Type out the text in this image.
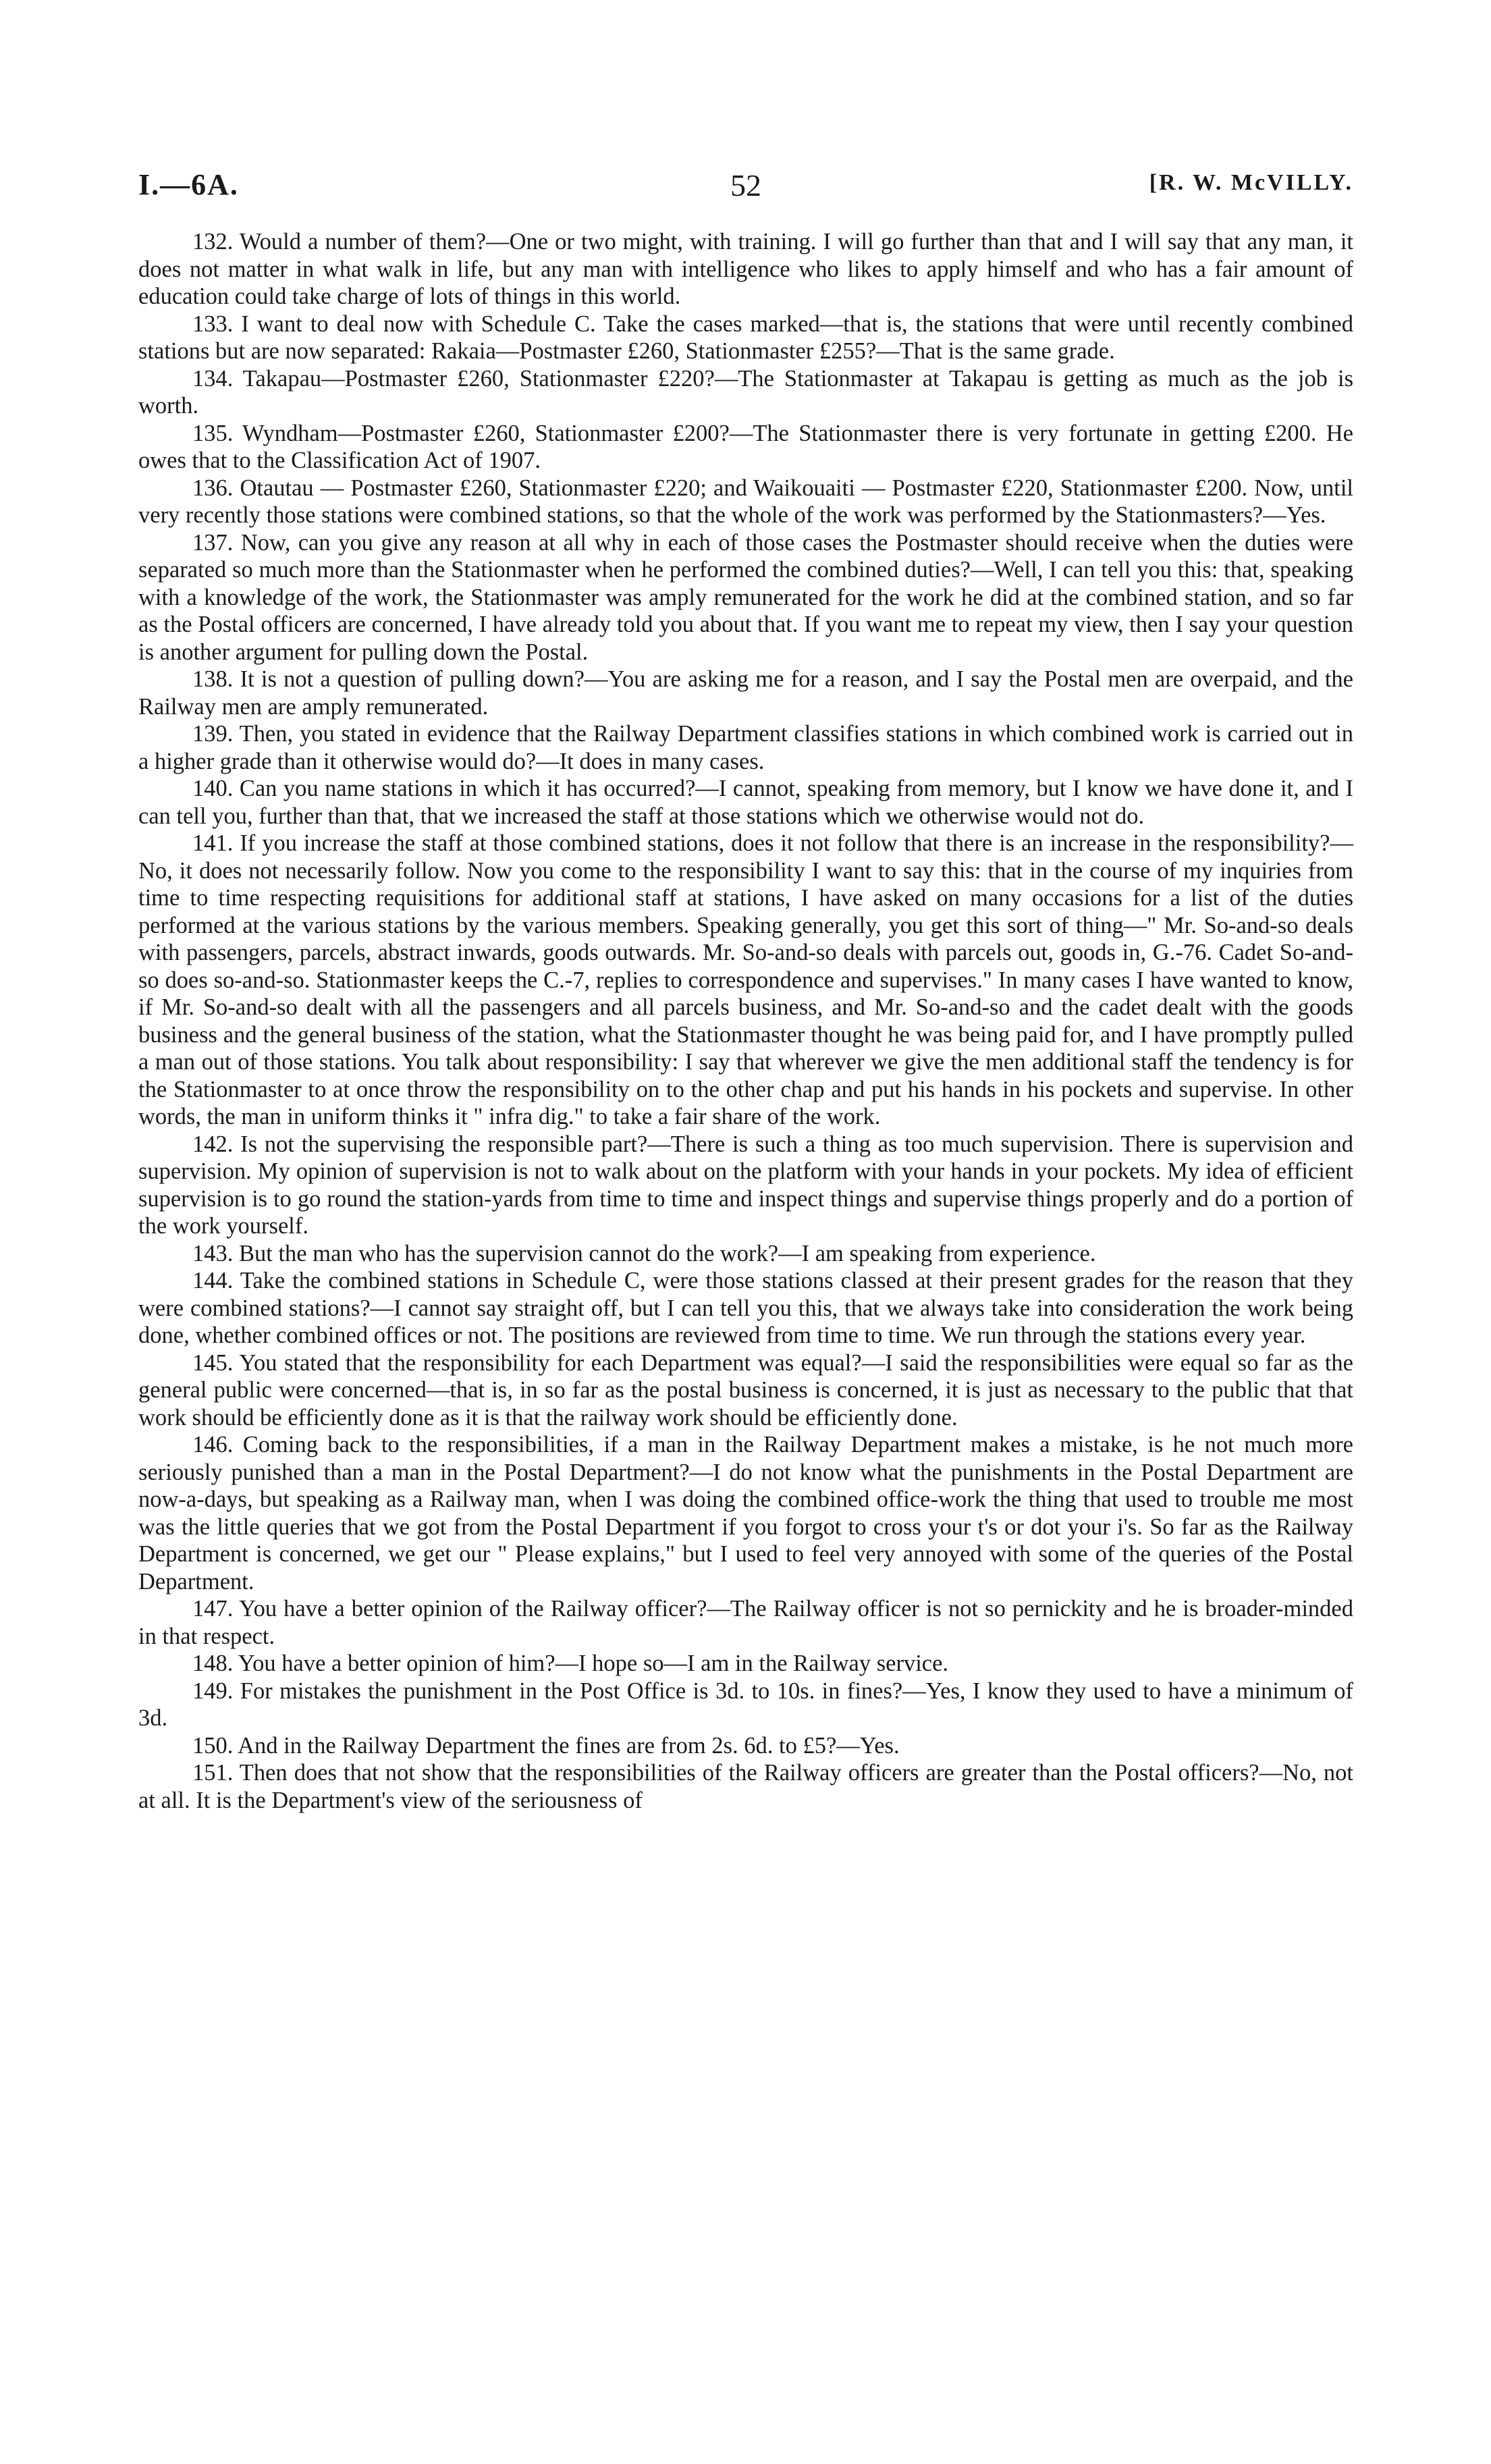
I.—6A.	52	[R. W. McVILLY.

132. Would a number of them?—One or two might, with training. I will go further than that and I will say that any man, it does not matter in what walk in life, but any man with intelligence who likes to apply himself and who has a fair amount of education could take charge of lots of things in this world.

133. I want to deal now with Schedule C. Take the cases marked—that is, the stations that were until recently combined stations but are now separated: Rakaia—Postmaster £260, Stationmaster £255?—That is the same grade.

134. Takapau—Postmaster £260, Stationmaster £220?—The Stationmaster at Takapau is getting as much as the job is worth.

135. Wyndham—Postmaster £260, Stationmaster £200?—The Stationmaster there is very fortunate in getting £200. He owes that to the Classification Act of 1907.

136. Otautau — Postmaster £260, Stationmaster £220; and Waikouaiti — Postmaster £220, Stationmaster £200. Now, until very recently those stations were combined stations, so that the whole of the work was performed by the Stationmasters?—Yes.

137. Now, can you give any reason at all why in each of those cases the Postmaster should receive when the duties were separated so much more than the Stationmaster when he performed the combined duties?—Well, I can tell you this: that, speaking with a knowledge of the work, the Stationmaster was amply remunerated for the work he did at the combined station, and so far as the Postal officers are concerned, I have already told you about that. If you want me to repeat my view, then I say your question is another argument for pulling down the Postal.

138. It is not a question of pulling down?—You are asking me for a reason, and I say the Postal men are overpaid, and the Railway men are amply remunerated.

139. Then, you stated in evidence that the Railway Department classifies stations in which combined work is carried out in a higher grade than it otherwise would do?—It does in many cases.

140. Can you name stations in which it has occurred?—I cannot, speaking from memory, but I know we have done it, and I can tell you, further than that, that we increased the staff at those stations which we otherwise would not do.

141. If you increase the staff at those combined stations, does it not follow that there is an increase in the responsibility?—No, it does not necessarily follow. Now you come to the responsibility I want to say this: that in the course of my inquiries from time to time respecting requisitions for additional staff at stations, I have asked on many occasions for a list of the duties performed at the various stations by the various members. Speaking generally, you get this sort of thing—" Mr. So-and-so deals with passengers, parcels, abstract inwards, goods outwards. Mr. So-and-so deals with parcels out, goods in, G.-76. Cadet So-and-so does so-and-so. Stationmaster keeps the C.-7, replies to correspondence and supervises." In many cases I have wanted to know, if Mr. So-and-so dealt with all the passengers and all parcels business, and Mr. So-and-so and the cadet dealt with the goods business and the general business of the station, what the Stationmaster thought he was being paid for, and I have promptly pulled a man out of those stations. You talk about responsibility: I say that wherever we give the men additional staff the tendency is for the Stationmaster to at once throw the responsibility on to the other chap and put his hands in his pockets and supervise. In other words, the man in uniform thinks it " infra dig." to take a fair share of the work.

142. Is not the supervising the responsible part?—There is such a thing as too much supervision. There is supervision and supervision. My opinion of supervision is not to walk about on the platform with your hands in your pockets. My idea of efficient supervision is to go round the station-yards from time to time and inspect things and supervise things properly and do a portion of the work yourself.

143. But the man who has the supervision cannot do the work?—I am speaking from experience.

144. Take the combined stations in Schedule C, were those stations classed at their present grades for the reason that they were combined stations?—I cannot say straight off, but I can tell you this, that we always take into consideration the work being done, whether combined offices or not. The positions are reviewed from time to time. We run through the stations every year.

145. You stated that the responsibility for each Department was equal?—I said the responsibilities were equal so far as the general public were concerned—that is, in so far as the postal business is concerned, it is just as necessary to the public that that work should be efficiently done as it is that the railway work should be efficiently done.

146. Coming back to the responsibilities, if a man in the Railway Department makes a mistake, is he not much more seriously punished than a man in the Postal Department?—I do not know what the punishments in the Postal Department are now-a-days, but speaking as a Railway man, when I was doing the combined office-work the thing that used to trouble me most was the little queries that we got from the Postal Department if you forgot to cross your t's or dot your i's. So far as the Railway Department is concerned, we get our " Please explains," but I used to feel very annoyed with some of the queries of the Postal Department.

147. You have a better opinion of the Railway officer?—The Railway officer is not so pernickity and he is broader-minded in that respect.

148. You have a better opinion of him?—I hope so—I am in the Railway service.

149. For mistakes the punishment in the Post Office is 3d. to 10s. in fines?—Yes, I know they used to have a minimum of 3d.

150. And in the Railway Department the fines are from 2s. 6d. to £5?—Yes.

151. Then does that not show that the responsibilities of the Railway officers are greater than the Postal officers?—No, not at all. It is the Department's view of the seriousness of
